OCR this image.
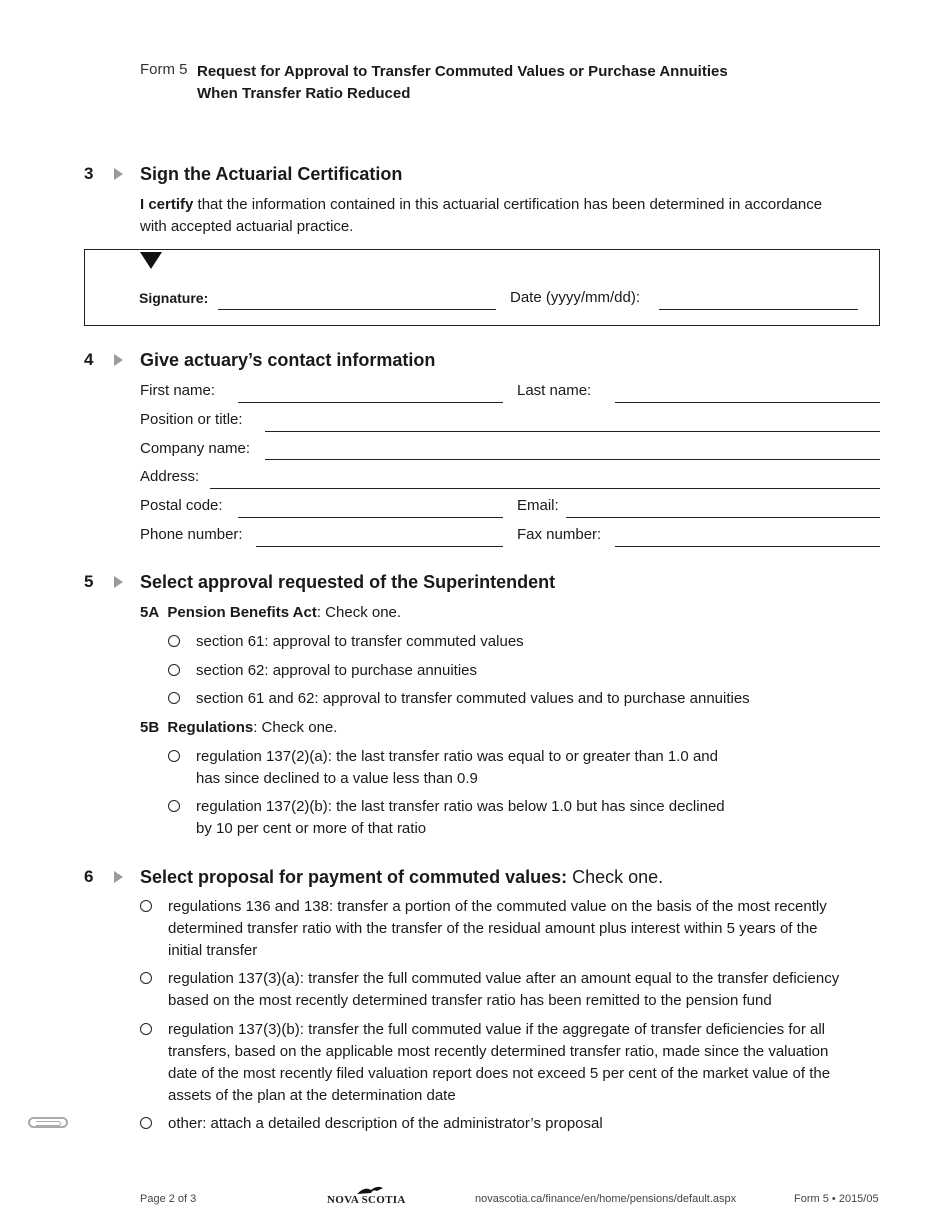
Form 5 Request for Approval to Transfer Commuted Values or Purchase Annuities
When Transfer Ratio Reduced
3	Sign the Actuarial Certification
I certify that the information contained in this actuarial certification has been determined in accordance
with accepted actuarial practice.
Signature:	Date (yyyy/mm/dd):
4	Give actuary’s contact information
First name:	Last name:
Position or title:
Company name:
Address:
Postal code:	Email:
Phone number:	Fax number:
5	Select approval requested of the Superintendent
5A Pension Benefits Act: Check one.
section 61: approval to transfer commuted values
section 62: approval to purchase annuities
section 61 and 62: approval to transfer commuted values and to purchase annuities
5B Regulations: Check one.
regulation 137(2)(a): the last transfer ratio was equal to or greater than 1.0 and
has since declined to a value less than 0.9
regulation 137(2)(b): the last transfer ratio was below 1.0 but has since declined
by 10 per cent or more of that ratio
6	Select proposal for payment of commuted values: Check one.
regulations 136 and 138: transfer a portion of the commuted value on the basis of the most recently
determined transfer ratio with the transfer of the residual amount plus interest within 5 years of the
initial transfer
regulation 137(3)(a): transfer the full commuted value after an amount equal to the transfer deficiency
based on the most recently determined transfer ratio has been remitted to the pension fund
regulation 137(3)(b): transfer the full commuted value if the aggregate of transfer deficiencies for all
transfers, based on the applicable most recently determined transfer ratio, made since the valuation
date of the most recently filed valuation report does not exceed 5 per cent of the market value of the
assets of the plan at the determination date
other: attach a detailed description of the administrator’s proposal
Page 2 of 3	NOVA SCOTIA	novascotia.ca/finance/en/home/pensions/default.aspx	Form 5 • 2015/05
